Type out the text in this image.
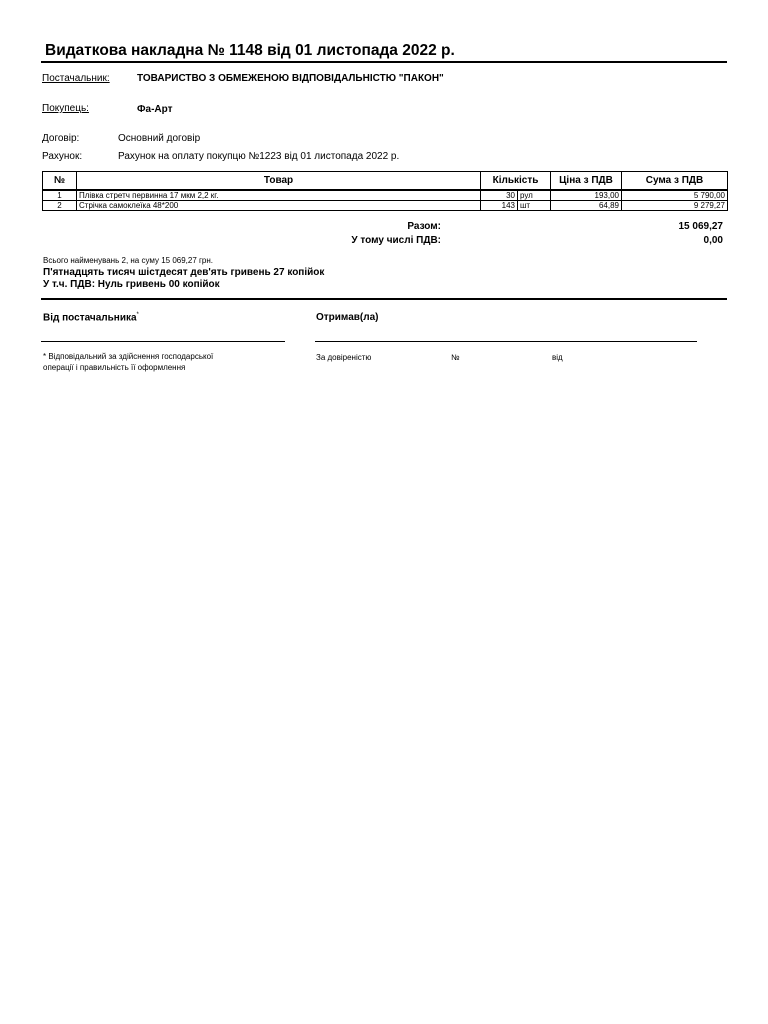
Видаткова накладна № 1148 від 01 листопада 2022 р.
Постачальник:	ТОВАРИСТВО З ОБМЕЖЕНОЮ ВІДПОВІДАЛЬНІСТЮ "ПАКОН"
Покупець:	Фа-Арт
Договір:	Основний договір
Рахунок:	Рахунок на оплату покупцю №1223 від 01 листопада 2022 р.
№	Товар	Кількість		Ціна з ПДВ	Сума з ПДВ
1	Плівка стретч первинна 17 мкм 2,2 кг.	30	рул	193,00	5 790,00
2	Стрічка самоклеїка 48*200	143	шт	64,89	9 279,27
Разом:	15 069,27
У тому числі ПДВ:	0,00
Всього найменувань 2, на суму 15 069,27 грн.
П'ятнадцять тисяч шістдесят дев'ять гривень 27 копійок
У т.ч. ПДВ: Нуль гривень 00 копійок
Від постачальника*	Отримав(ла)
* Відповідальний за здійснення господарської
операції і правильність її оформлення
За довіреністю	№	від
